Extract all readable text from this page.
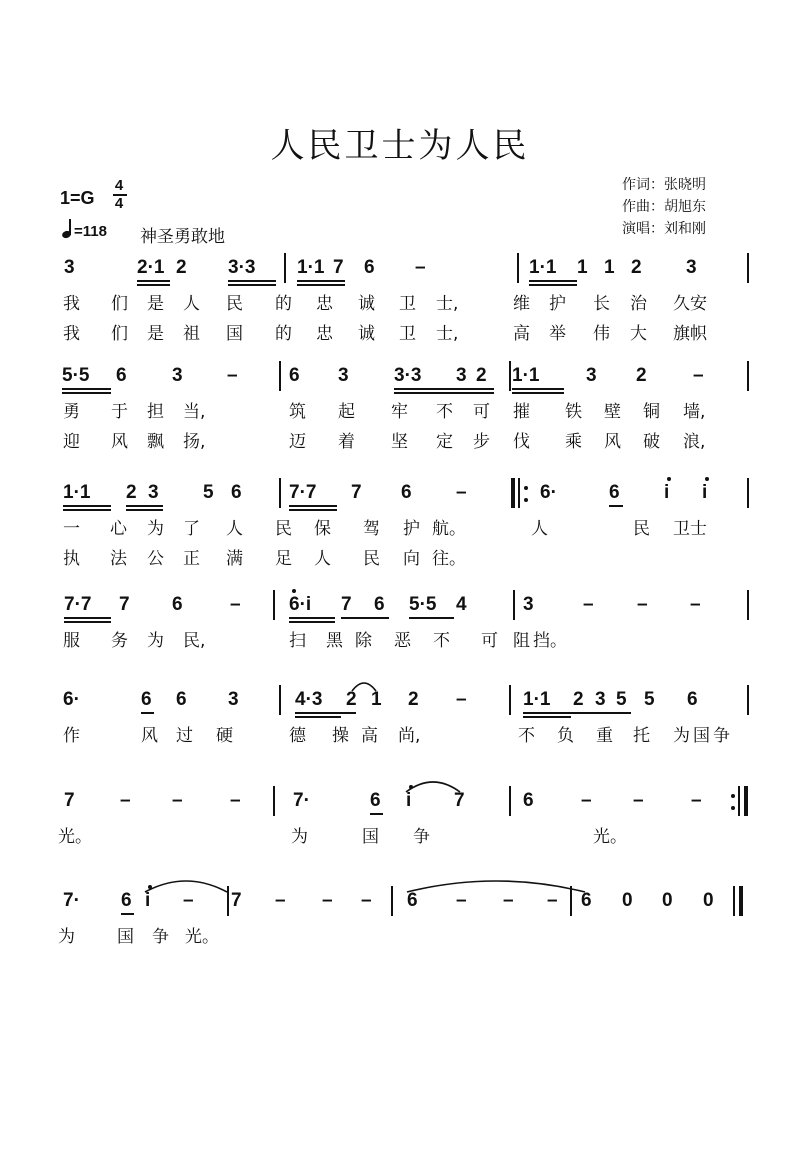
人民卫士为人民
作词：张晓明
作曲：胡旭东
演唱：刘和刚
1=G
4
4
=118 神圣勇敢地
3	2·1 2 3·3 1·1 7 6 –	1·1 1 1 2 3
我 们 是 人 民 的 忠 诚 卫 士,	维 护 长 治 久 安
我 们 是 祖 国 的 忠 诚 卫 士,	高 举 伟 大 旗 帜
5·5 6 3 –	6 3 3·3 3 2 1·1 3 2 –
勇 于 担 当,	筑 起 牢 不 可 摧 铁 壁 铜 墙,
迎 风 飘 扬,	迈 着 坚 定 步 伐 乘 风 破 浪,
1·1 2 3 5 6 7·7 7 6 –	6·	6 i i
一 心 为 了 人 民 保 驾 护 航。	人	民 卫 士
执 法 公 正 满 足 人 民 向 往。
7·7 7 6 –	6·i 7 6 5·5 4	3	– – –
服 务 为 民,	扫 黑 除 恶 不 可 阻 挡。
6·	6 6 3	4·3 2 1 2 –	1·1 2 3 5 5 6
作	风 过 硬	德 操 高 尚,	不 负 重 托 为 国 争
7 – – –	7·	6 i 7	6 – – –
光。	为	国 争	光。
7· 6 i – 7 – – – 6 – – – 6 0 0 0
为 国 争 光。
